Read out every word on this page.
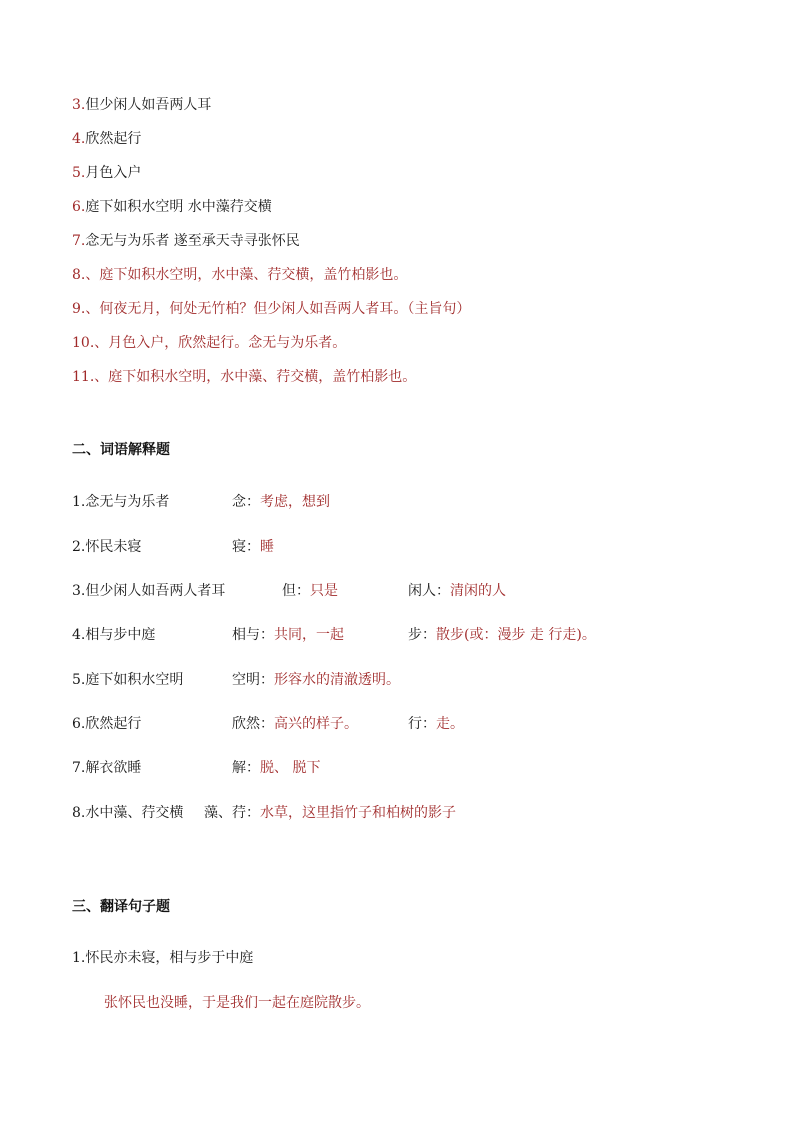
3.但少闲人如吾两人耳
4.欣然起行
5.月色入户
6.庭下如积水空明 水中藻荇交横
7.念无与为乐者 遂至承天寺寻张怀民
8.、庭下如积水空明，水中藻、荇交横，盖竹柏影也。
9.、何夜无月，何处无竹柏？但少闲人如吾两人者耳。（主旨句）
10.、月色入户，欣然起行。念无与为乐者。
11.、庭下如积水空明，水中藻、荇交横，盖竹柏影也。
二、词语解释题
1.念无与为乐者	念：考虑，想到
2.怀民未寝	寝：睡
3.但少闲人如吾两人者耳	但：只是	闲人：清闲的人
4.相与步中庭	相与：共同，一起	步：散步(或：漫步 走 行走)。
5.庭下如积水空明	空明：形容水的清澈透明。
6.欣然起行	欣然：高兴的样子。	行：走。
7.解衣欲睡	解：脱、 脱下
8.水中藻、荇交横 藻、荇：水草，这里指竹子和柏树的影子
三、翻译句子题
1.怀民亦未寝，相与步于中庭
张怀民也没睡，于是我们一起在庭院散步。
